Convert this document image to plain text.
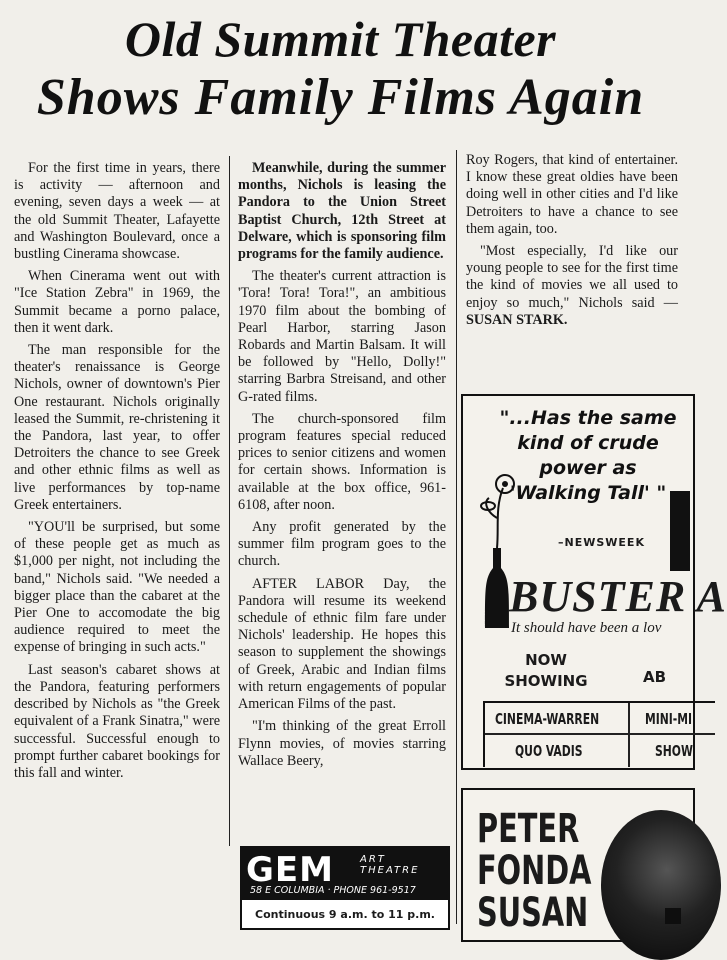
Old Summit Theater
Shows Family Films Again

For the first time in years, there is activity — afternoon and evening, seven days a week — at the old Summit Theater, Lafayette and Washington Boulevard, once a bustling Cinerama showcase.

When Cinerama went out with "Ice Station Zebra" in 1969, the Summit became a porno palace, then it went dark.

The man responsible for the theater's renaissance is George Nichols, owner of downtown's Pier One restaurant. Nichols originally leased the Summit, re-christening it the Pandora, last year, to offer Detroiters the chance to see Greek and other ethnic films as well as live performances by top-name Greek entertainers.

"YOU'll be surprised, but some of these people get as much as $1,000 per night, not including the band," Nichols said. "We needed a bigger place than the cabaret at the Pier One to accomodate the big audience required to meet the expense of bringing in such acts."

Last season's cabaret shows at the Pandora, featuring performers described by Nichols as "the Greek equivalent of a Frank Sinatra," were successful. Successful enough to prompt further cabaret bookings for this fall and winter.

Meanwhile, during the summer months, Nichols is leasing the Pandora to the Union Street Baptist Church, 12th Street at Delware, which is sponsoring film programs for the family audience.

The theater's current attraction is 'Tora! Tora! Tora!", an ambitious 1970 film about the bombing of Pearl Harbor, starring Jason Robards and Martin Balsam. It will be followed by "Hello, Dolly!" starring Barbra Streisand, and other G-rated films.

The church-sponsored film program features special reduced prices to senior citizens and women for certain shows. Information is available at the box office, 961-6108, after noon.

Any profit generated by the summer film program goes to the church.

AFTER LABOR Day, the Pandora will resume its weekend schedule of ethnic film fare under Nichols' leadership. He hopes this season to supplement the showings of Greek, Arabic and Indian films with return engagements of popular American Films of the past.

"I'm thinking of the great Erroll Flynn movies, of movies starring Wallace Beery,

Roy Rogers, that kind of entertainer. I know these great oldies have been doing well in other cities and I'd like Detroiters to have a chance to see them again, too.

"Most especially, I'd like our young people to see for the first time the kind of movies we all used to enjoy so much," Nichols said — SUSAN STARK.

"...Has the same kind of crude power as 'Walking Tall' "
–NEWSWEEK
BUSTER A
It should have been a lov
NOW SHOWING	AB
CINEMA-WARREN	MINI-MI
QUO VADIS	SHOW
PETER
FONDA
SUSAN
GEM	ART THEATRE
58 E COLUMBIA · PHONE 961-9517
Continuous 9 a.m. to 11 p.m.
